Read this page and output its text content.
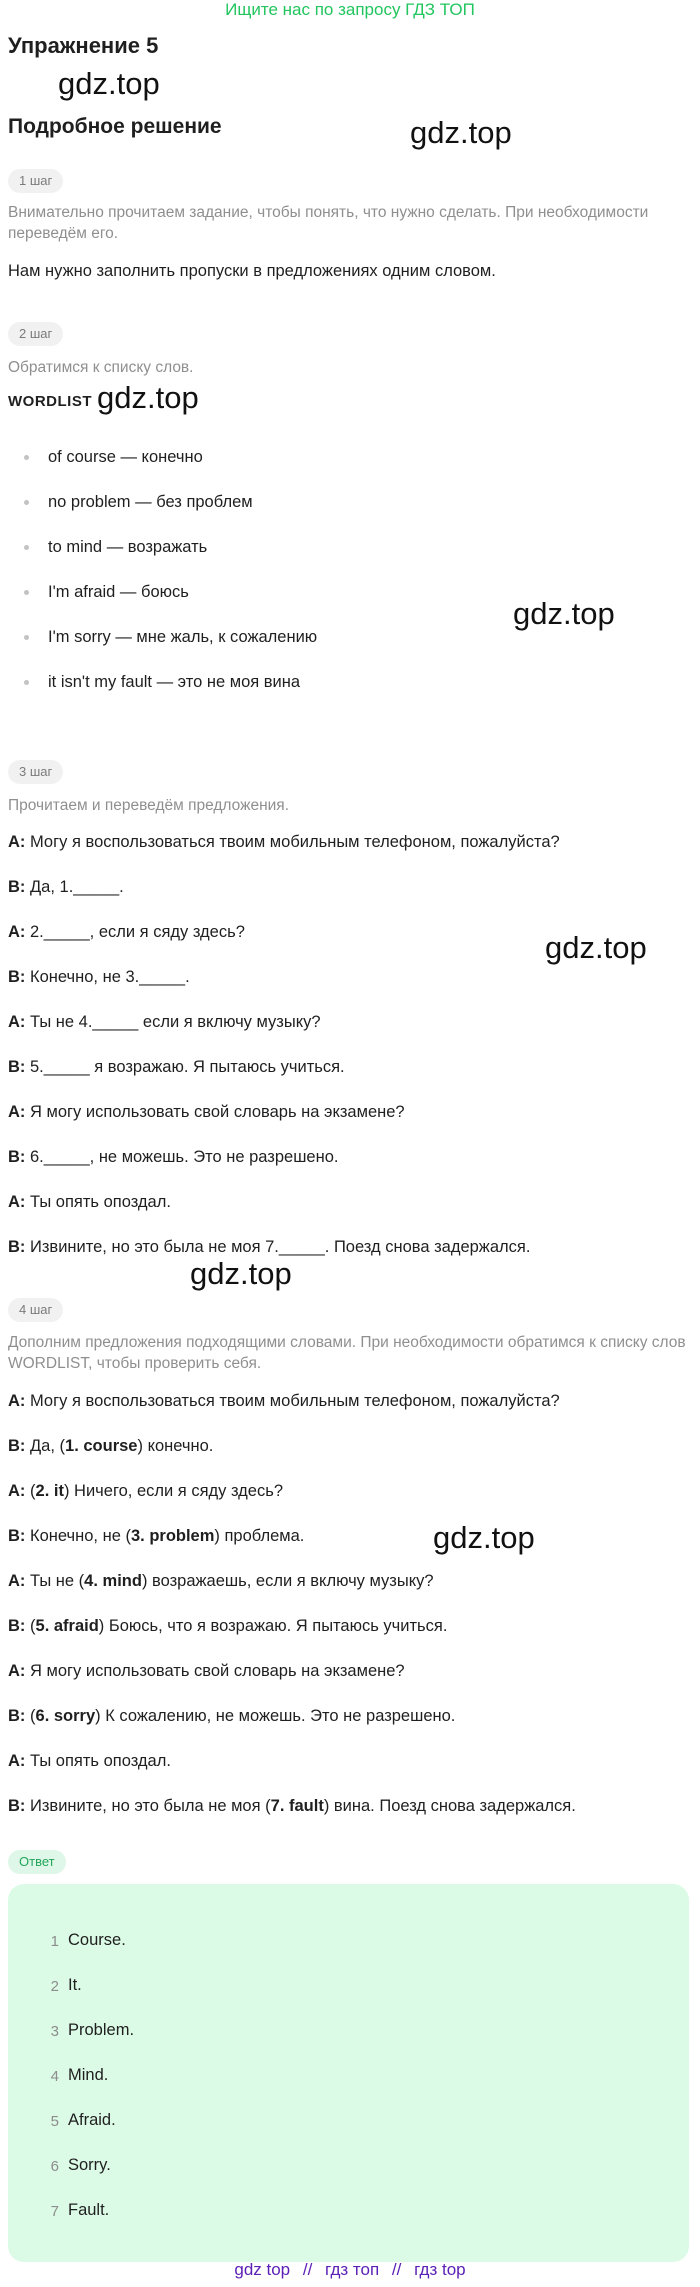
Ищите нас по запросу ГДЗ ТОП
Упражнение 5
Подробное решение
gdz.top
gdz.top
gdz.top
gdz.top
gdz.top
gdz.top
gdz.top
1 шаг
Внимательно прочитаем задание, чтобы понять, что нужно сделать. При необходимости переведём его.
Нам нужно заполнить пропуски в предложениях одним словом.
2 шаг
Обратимся к списку слов.
WORDLIST
of course — конечно
no problem — без проблем
to mind — возражать
I'm afraid — боюсь
I'm sorry — мне жаль, к сожалению
it isn't my fault — это не моя вина
3 шаг
Прочитаем и переведём предложения.
A: Могу я воспользоваться твоим мобильным телефоном, пожалуйста?
B: Да, 1._____.
A: 2._____, если я сяду здесь?
B: Конечно, не 3._____.
A: Ты не 4._____ если я включу музыку?
B: 5._____ я возражаю. Я пытаюсь учиться.
A: Я могу использовать свой словарь на экзамене?
B: 6._____, не можешь. Это не разрешено.
A: Ты опять опоздал.
B: Извините, но это была не моя 7._____. Поезд снова задержался.
4 шаг
Дополним предложения подходящими словами. При необходимости обратимся к списку слов WORDLIST, чтобы проверить себя.
A: Могу я воспользоваться твоим мобильным телефоном, пожалуйста?
B: Да, (1. course) конечно.
A: (2. it) Ничего, если я сяду здесь?
B: Конечно, не (3. problem) проблема.
A: Ты не (4. mind) возражаешь, если я включу музыку?
B: (5. afraid) Боюсь, что я возражаю. Я пытаюсь учиться.
A: Я могу использовать свой словарь на экзамене?
B: (6. sorry) К сожалению, не можешь. Это не разрешено.
A: Ты опять опоздал.
B: Извините, но это была не моя (7. fault) вина. Поезд снова задержался.
Ответ
1 Course.
2 It.
3 Problem.
4 Mind.
5 Afraid.
6 Sorry.
7 Fault.
gdz top // гдз топ // гдз top
